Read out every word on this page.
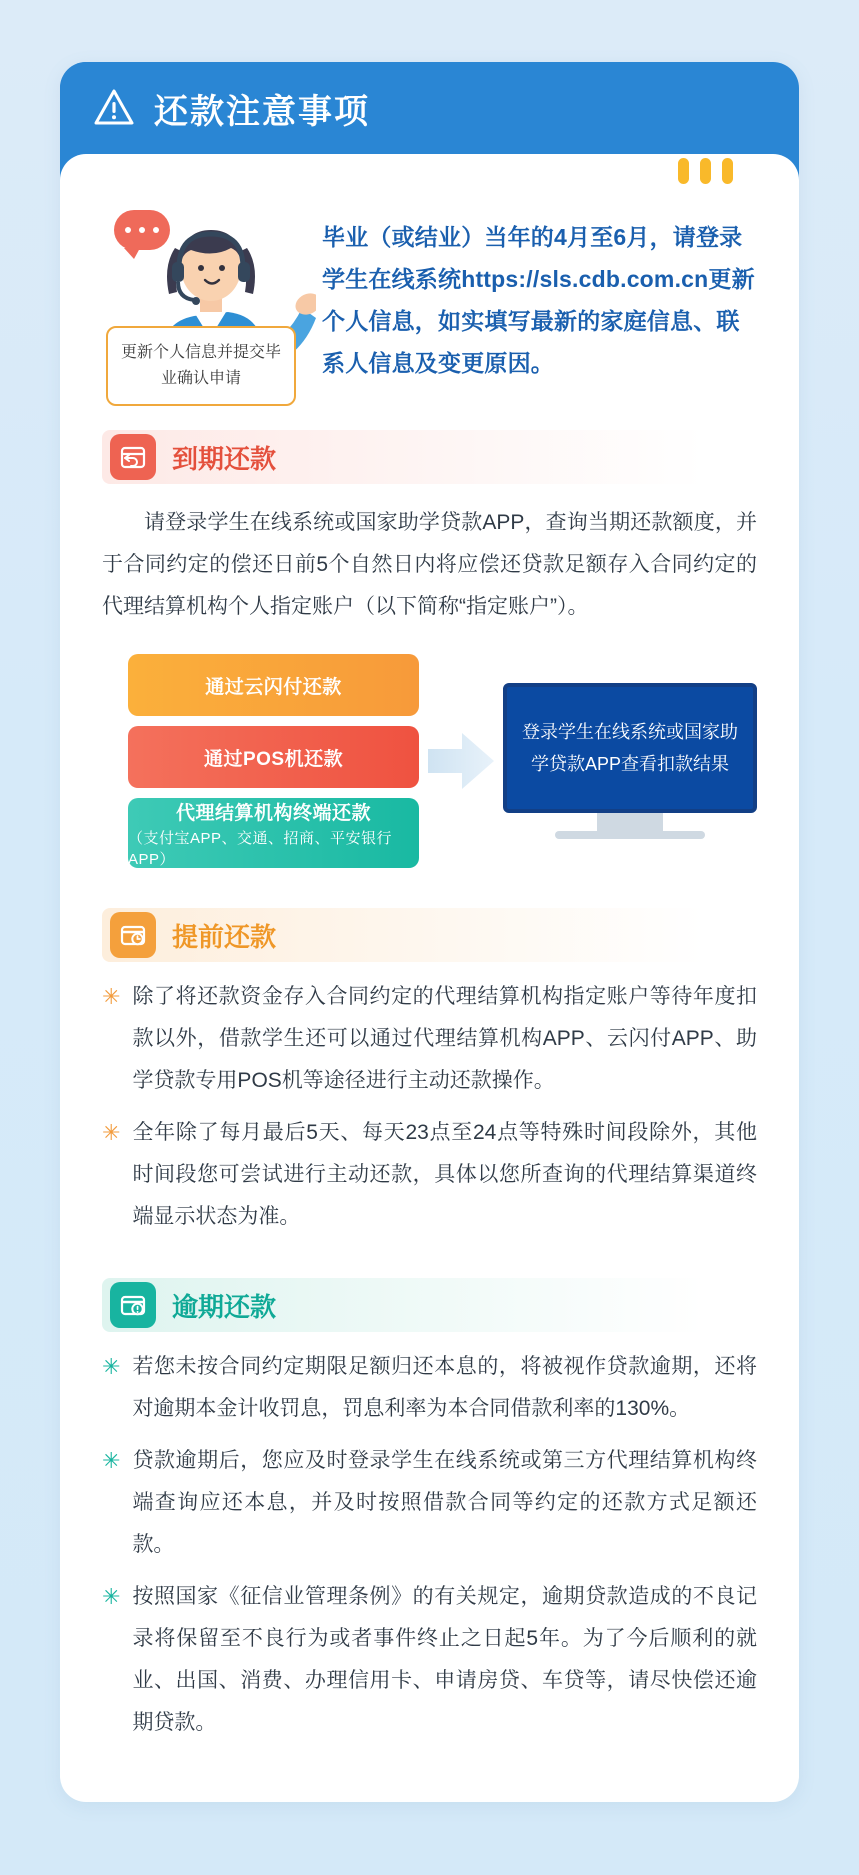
还款注意事项
更新个人信息并提交毕业确认申请
毕业（或结业）当年的4月至6月，请登录学生在线系统https://sls.cdb.com.cn更新个人信息，如实填写最新的家庭信息、联系人信息及变更原因。
到期还款
请登录学生在线系统或国家助学贷款APP，查询当期还款额度，并于合同约定的偿还日前5个自然日内将应偿还贷款足额存入合同约定的代理结算机构个人指定账户（以下简称“指定账户”）。
通过云闪付还款
通过POS机还款
代理结算机构终端还款
（支付宝APP、交通、招商、平安银行APP）
登录学生在线系统或国家助学贷款APP查看扣款结果
提前还款
✳ 除了将还款资金存入合同约定的代理结算机构指定账户等待年度扣款以外，借款学生还可以通过代理结算机构APP、云闪付APP、助学贷款专用POS机等途径进行主动还款操作。
✳ 全年除了每月最后5天、每天23点至24点等特殊时间段除外，其他时间段您可尝试进行主动还款，具体以您所查询的代理结算渠道终端显示状态为准。
逾期还款
✳ 若您未按合同约定期限足额归还本息的，将被视作贷款逾期，还将对逾期本金计收罚息，罚息利率为本合同借款利率的130%。
✳ 贷款逾期后，您应及时登录学生在线系统或第三方代理结算机构终端查询应还本息，并及时按照借款合同等约定的还款方式足额还款。
✳ 按照国家《征信业管理条例》的有关规定，逾期贷款造成的不良记录将保留至不良行为或者事件终止之日起5年。为了今后顺利的就业、出国、消费、办理信用卡、申请房贷、车贷等，请尽快偿还逾期贷款。
